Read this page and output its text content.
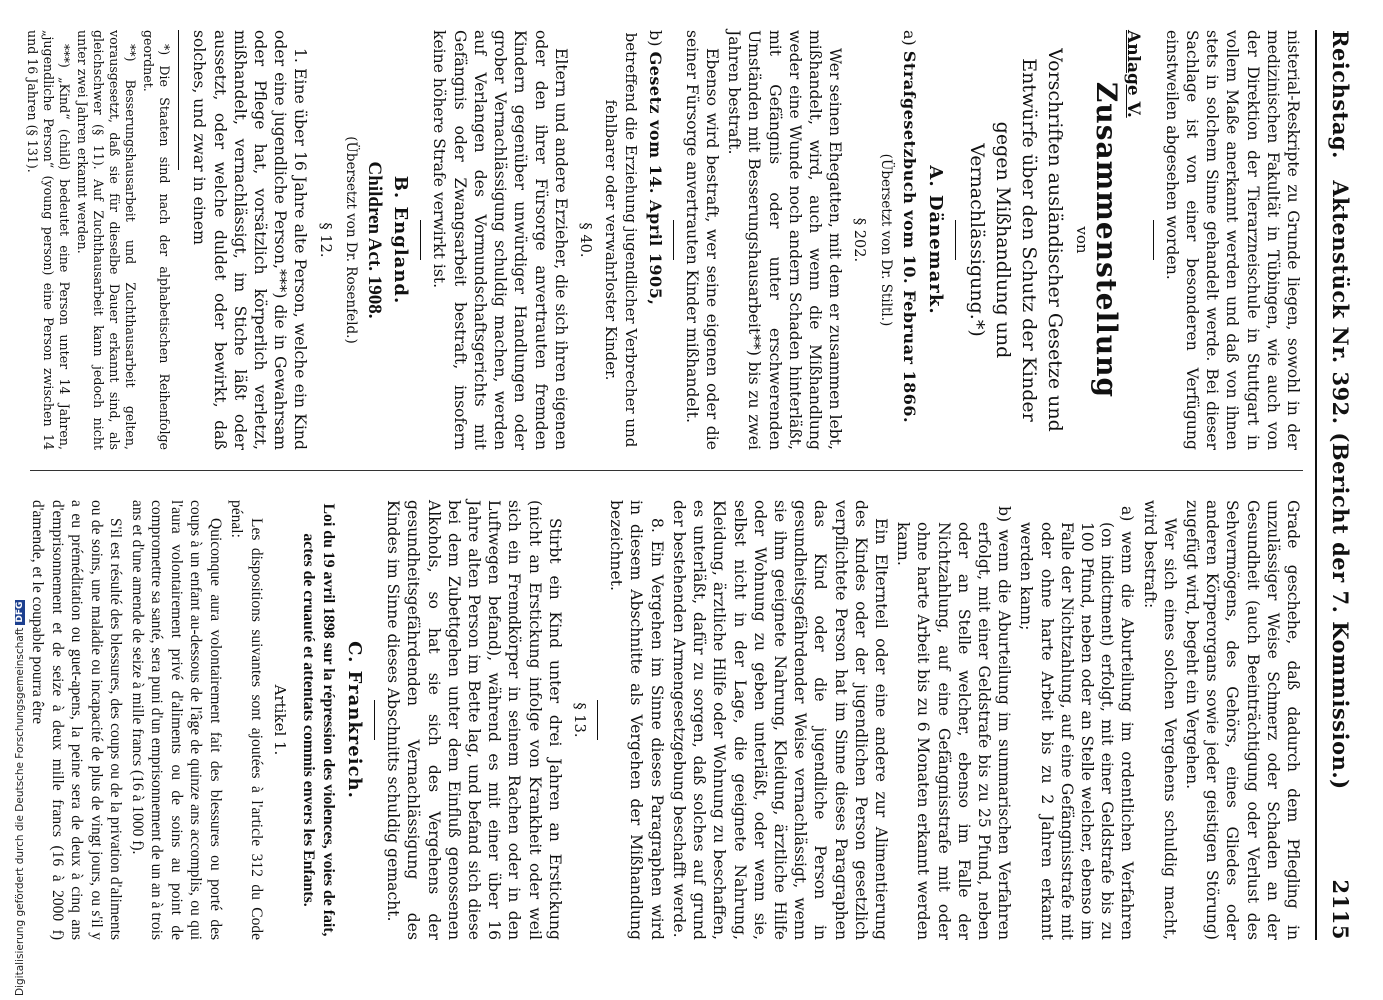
Reichstag.
Aktenstück Nr. 392. (Bericht der 7. Kommission.)
2115

nisterial-Reskripte zu Grunde liegen, sowohl in der medizinischen Fakultät in Tübingen, wie auch von der Direktion der Tierarzneischule in Stuttgart in vollem Maße anerkannt werden und daß von ihnen stets in solchem Sinne gehandelt werde. Bei dieser Sachlage ist von einer besonderen Verfügung einstweilen abgesehen worden.

Anlage V.

Zusammenstellung
von
Vorschriften ausländischer Gesetze und Entwürfe über den Schutz der Kinder gegen Mißhandlung und Vernachlässigung.*)
A. Dänemark.

a) Strafgesetzbuch vom 10. Februar 1866.

(Übersetzt von Dr. Stiltl.)

§ 202.

Wer seinen Ehegatten, mit dem er zusammen lebt, mißhandelt, wird, auch wenn die Mißhandlung weder eine Wunde noch andern Schaden hinterläßt, mit Gefängnis oder unter erschwerenden Umständen mit Besserungshausarbeit**) bis zu zwei Jahren bestraft.

Ebenso wird bestraft, wer seine eigenen oder die seiner Fürsorge anvertrauten Kinder mißhandelt.

b) Gesetz vom 14. April 1905,

betreffend die Erziehung jugendlicher Verbrecher und fehlbarer oder verwahrloster Kinder.

§ 40.

Eltern und andere Erzieher, die sich ihren eigenen oder den ihrer Fürsorge anvertrauten fremden Kindern gegenüber unwürdiger Handlungen oder grober Vernachlässigung schuldig machen, werden auf Verlangen des Vormundschaftsgerichts mit Gefängnis oder Zwangsarbeit bestraft, insofern keine höhere Strafe verwirkt ist.

B. England.
Children Act. 1908.
(Übersetzt von Dr. Rosenfeld.)

§ 12.

1. Eine über 16 Jahre alte Person, welche ein Kind oder eine jugendliche Person,***) die in Gewahrsam oder Pflege hat, vorsätzlich körperlich verletzt, mißhandelt, vernachlässigt, im Stiche läßt oder aussetzt, oder welche duldet oder bewirkt, daß solches, und zwar in einem

*) Die Staaten sind nach der alphabetischen Reihenfolge geordnet.

**) Besserungshausarbeit und Zuchthausarbeit gelten, vorausgesetzt, daß sie für dieselbe Dauer erkannt sind, als gleichschwer (§ 11). Auf Zuchthausarbeit kann jedoch nicht unter zwei Jahren erkannt werden.

***) „Kind“ (child) bedeutet eine Person unter 14 Jahren, „jugendliche Person“ (young person) eine Person zwischen 14 und 16 Jahren (§ 131).

Grade geschehe, daß dadurch dem Pflegling in unzulässiger Weise Schmerz oder Schaden an der Gesundheit (auch Beeinträchtigung oder Verlust des Sehvermögens, des Gehörs, eines Gliedes oder anderen Körperorgans sowie jeder geistigen Störung) zugefügt wird, begeht ein Vergehen.

Wer sich eines solchen Vergehens schuldig macht, wird bestraft:

a) wenn die Aburteilung im ordentlichen Verfahren (on indictment) erfolgt, mit einer Geldstrafe bis zu 100 Pfund, neben oder an Stelle welcher, ebenso im Falle der Nichtzahlung, auf eine Gefängnisstrafe mit oder ohne harte Arbeit bis zu 2 Jahren erkannt werden kann;

b) wenn die Aburteilung im summarischen Verfahren erfolgt, mit einer Geldstrafe bis zu 25 Pfund, neben oder an Stelle welcher, ebenso im Falle der Nichtzahlung, auf eine Gefängnisstrafe mit oder ohne harte Arbeit bis zu 6 Monaten erkannt werden kann.

Ein Elternteil oder eine andere zur Alimentierung des Kindes oder der jugendlichen Person gesetzlich verpflichtete Person hat im Sinne dieses Paragraphen das Kind oder die jugendliche Person in gesundheitsgefährdender Weise vernachlässigt, wenn sie ihm geeignete Nahrung, Kleidung, ärztliche Hilfe oder Wohnung zu geben unterläßt, oder wenn sie, selbst nicht in der Lage, die geeignete Nahrung, Kleidung, ärztliche Hilfe oder Wohnung zu beschaffen, es unterläßt, dafür zu sorgen, daß solches auf grund der bestehenden Armengesetzgebung beschafft werde.

8. Ein Vergehen im Sinne dieses Paragraphen wird in diesem Abschnitte als Vergehen der Mißhandlung bezeichnet.

§ 13.

Stirbt ein Kind unter drei Jahren an Erstickung (nicht an Erstickung infolge von Krankheit oder weil sich ein Fremdkörper in seinem Rachen oder in den Luftwegen befand), während es mit einer über 16 Jahre alten Person im Bette lag, und befand sich diese bei dem Zubettgehen unter dem Einfluß genossenen Alkohols, so hat sie sich des Vergehens der gesundheitsgefährdenden Vernachlässigung des Kindes im Sinne dieses Abschnitts schuldig gemacht.

C. Frankreich.

Loi du 19 avril 1898 sur la répression des violences, voies de fait, actes de cruauté et attentats commis envers les Enfants.

Artikel 1.

Les dispositions suivantes sont ajoutées à l'article 312 du Code pénal:

Quiconque aura volontairement fait des blessures ou porté des coups à un enfant au-dessous de l'âge de quinze ans accomplis, ou qui l'aura volontairement privé d'aliments ou de soins au point de compromettre sa santé, sera puni d'un emprisonnement de un an à trois ans et d'une amende de seize à mille francs (16 à 1000 f).

S'il est résulté des blessures, des coups ou de la privation d'aliments ou de soins, une maladie ou incapacité de plus de vingt jours, ou s'il y a eu préméditation ou guet-apens, la peine sera de deux à cinq ans d'emprisonnement et de seize à deux mille francs (16 à 2000 f) d'amende, et le coupable pourra être

Digitalisierung gefördert durch die Deutsche ForschungsgemeinschaftDFG
